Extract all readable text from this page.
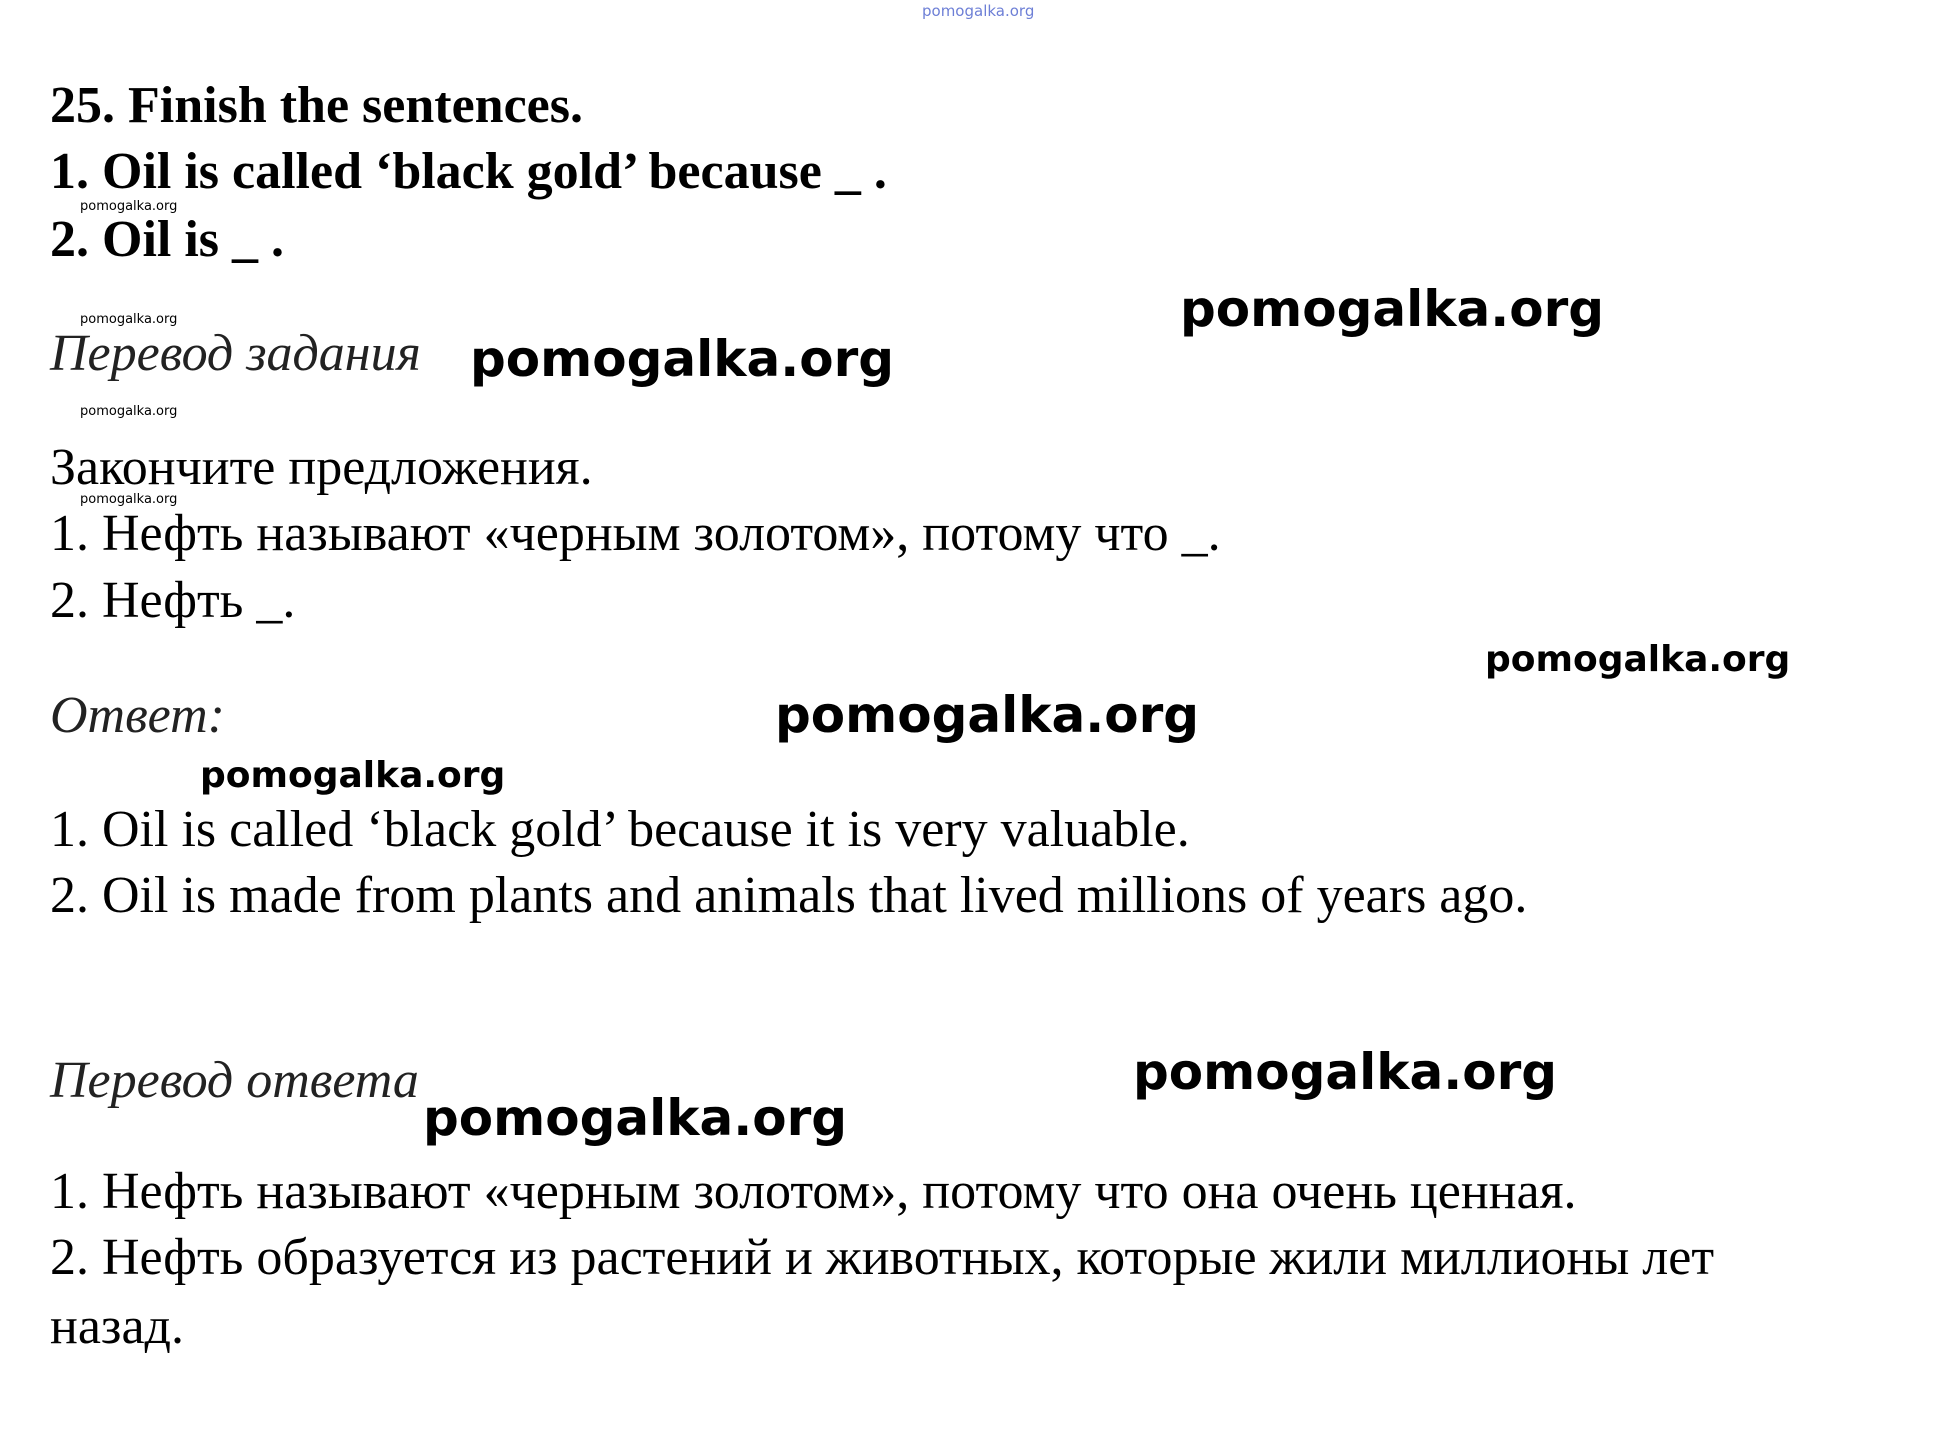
pomogalka.org
25. Finish the sentences.
1. Oil is called ‘black gold’ because _ .
pomogalka.org
2. Oil is _ .
pomogalka.org	pomogalka.org
Перевод задания pomogalka.org
pomogalka.org
Закончите предложения.
pomogalka.org
1. Нефть называют «черным золотом», потому что _.
2. Нефть _.
pomogalka.org
Ответ:	pomogalka.org
pomogalka.org
1. Oil is called ‘black gold’ because it is very valuable.
2. Oil is made from plants and animals that lived millions of years ago.
Перевод ответа	pomogalka.org
pomogalka.org
1. Нефть называют «черным золотом», потому что она очень ценная.
2. Нефть образуется из растений и животных, которые жили миллионы лет
назад.
